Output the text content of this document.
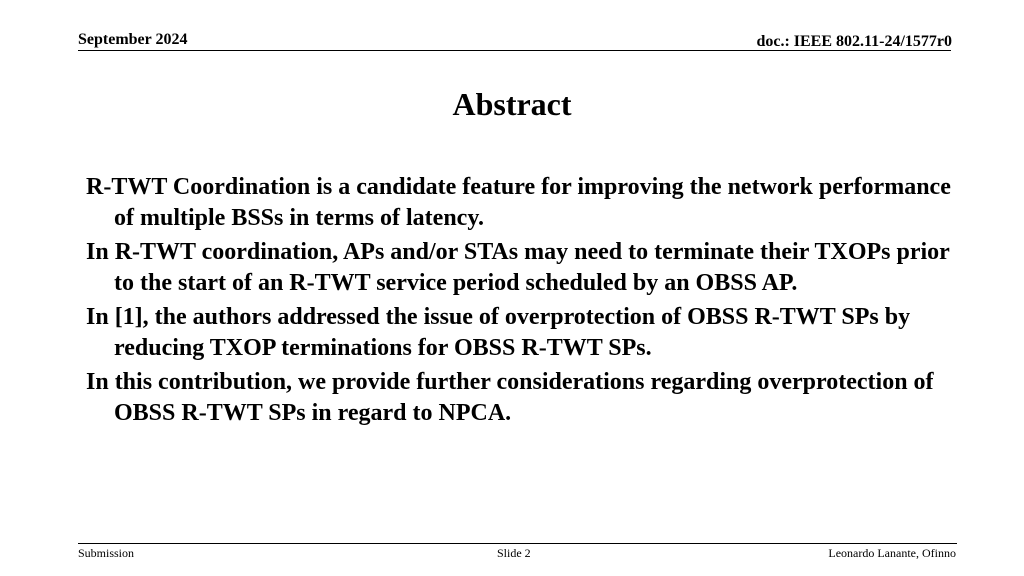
September 2024	doc.: IEEE 802.11-24/1577r0
Abstract
R-TWT Coordination is a candidate feature for improving the network performance of multiple BSSs in terms of latency.
In R-TWT coordination, APs and/or STAs may need to terminate their TXOPs prior to the start of an R-TWT service period scheduled by an OBSS AP.
In [1], the authors addressed the issue of overprotection of OBSS R-TWT SPs by reducing TXOP terminations for OBSS R-TWT SPs.
In this contribution, we provide further considerations regarding overprotection of OBSS R-TWT SPs in regard to NPCA.
Submission	Slide 2	Leonardo Lanante, Ofinno
